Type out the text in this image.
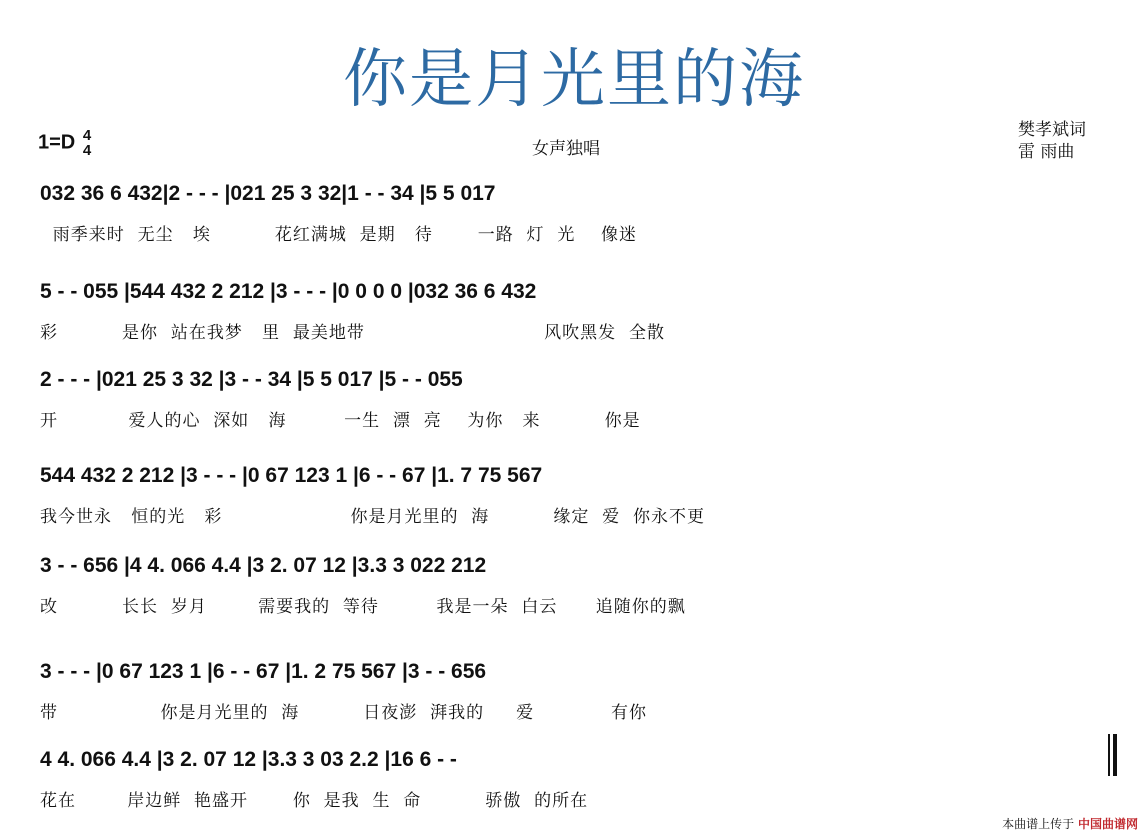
你是月光里的海
1=D 4
4	女声独唱
樊孝斌词
雷 雨曲
032 36 6 432|2 - - - |021 25 3 32|1 - - 34 |5 5 017
雨季来时  无尘   埃          花红满城  是期   待       一路  灯  光    像迷
5 - - 055 |544 432 2 212 |3 - - - |0 0 0 0 |032 36 6 432
彩          是你  站在我梦   里  最美地带                            风吹黑发  全散
2 - - - |021 25 3 32 |3 - - 34 |5 5 017 |5 - - 055
开           爱人的心  深如   海         一生  漂  亮    为你   来          你是
544 432 2 212 |3 - - - |0 67 123 1 |6 - - 67 |1. 7 75 567
我今世永   恒的光   彩                    你是月光里的  海          缘定  爱  你永不更
3 - - 656 |4 4. 066 4.4 |3 2. 07 12 |3.3 3 022 212
改          长长  岁月        需要我的  等待         我是一朵  白云      追随你的飘
3 - - - |0 67 123 1 |6 - - 67 |1. 2 75 567 |3 - - 656
带                你是月光里的  海          日夜澎  湃我的     爱            有你
4 4. 066 4.4 |3 2. 07 12 |3.3 3 03 2.2 |16 6 - -
花在        岸边鲜  艳盛开       你  是我  生  命          骄傲  的所在
本曲谱上传于 中国曲谱网
